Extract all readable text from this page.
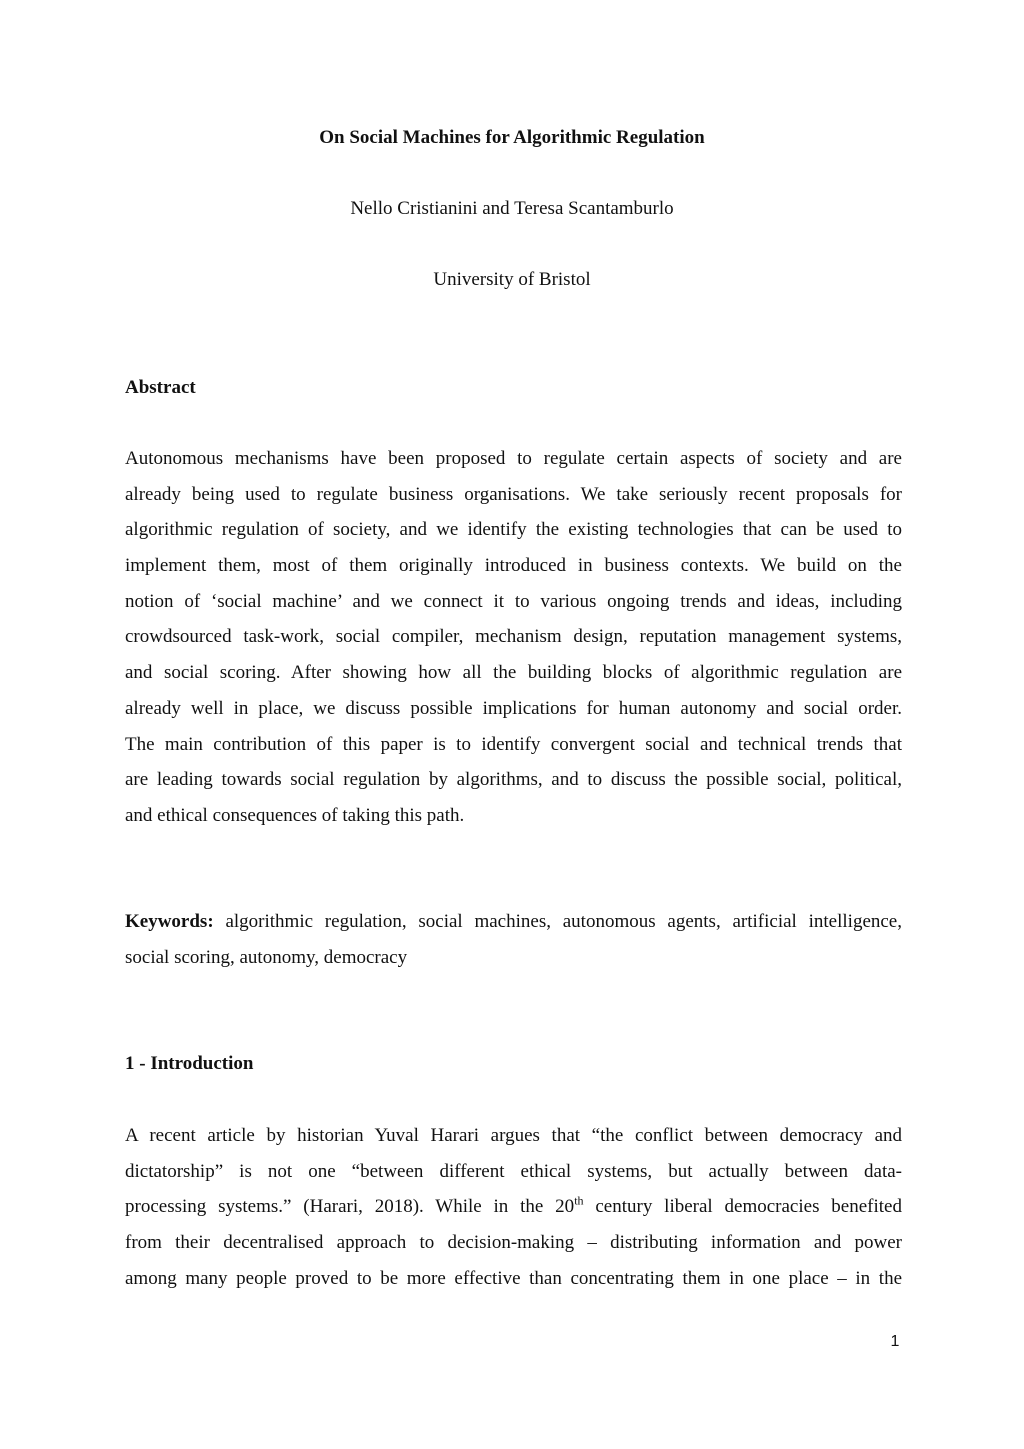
On Social Machines for Algorithmic Regulation
Nello Cristianini and Teresa Scantamburlo
University of Bristol
Abstract
Autonomous mechanisms have been proposed to regulate certain aspects of society and are
already being used to regulate business organisations. We take seriously recent proposals for
algorithmic regulation of society, and we identify the existing technologies that can be used to
implement them, most of them originally introduced in business contexts. We build on the
notion of ‘social machine’ and we connect it to various ongoing trends and ideas, including
crowdsourced task-work, social compiler, mechanism design, reputation management systems,
and social scoring. After showing how all the building blocks of algorithmic regulation are
already well in place, we discuss possible implications for human autonomy and social order.
The main contribution of this paper is to identify convergent social and technical trends that
are leading towards social regulation by algorithms, and to discuss the possible social, political,
and ethical consequences of taking this path.
Keywords: algorithmic regulation, social machines, autonomous agents, artificial intelligence,
social scoring, autonomy, democracy
1 - Introduction
A recent article by historian Yuval Harari argues that “the conflict between democracy and
dictatorship” is not one “between different ethical systems, but actually between data-
processing systems.” (Harari, 2018). While in the 20th century liberal democracies benefited
from their decentralised approach to decision-making – distributing information and power
among many people proved to be more effective than concentrating them in one place – in the
1
